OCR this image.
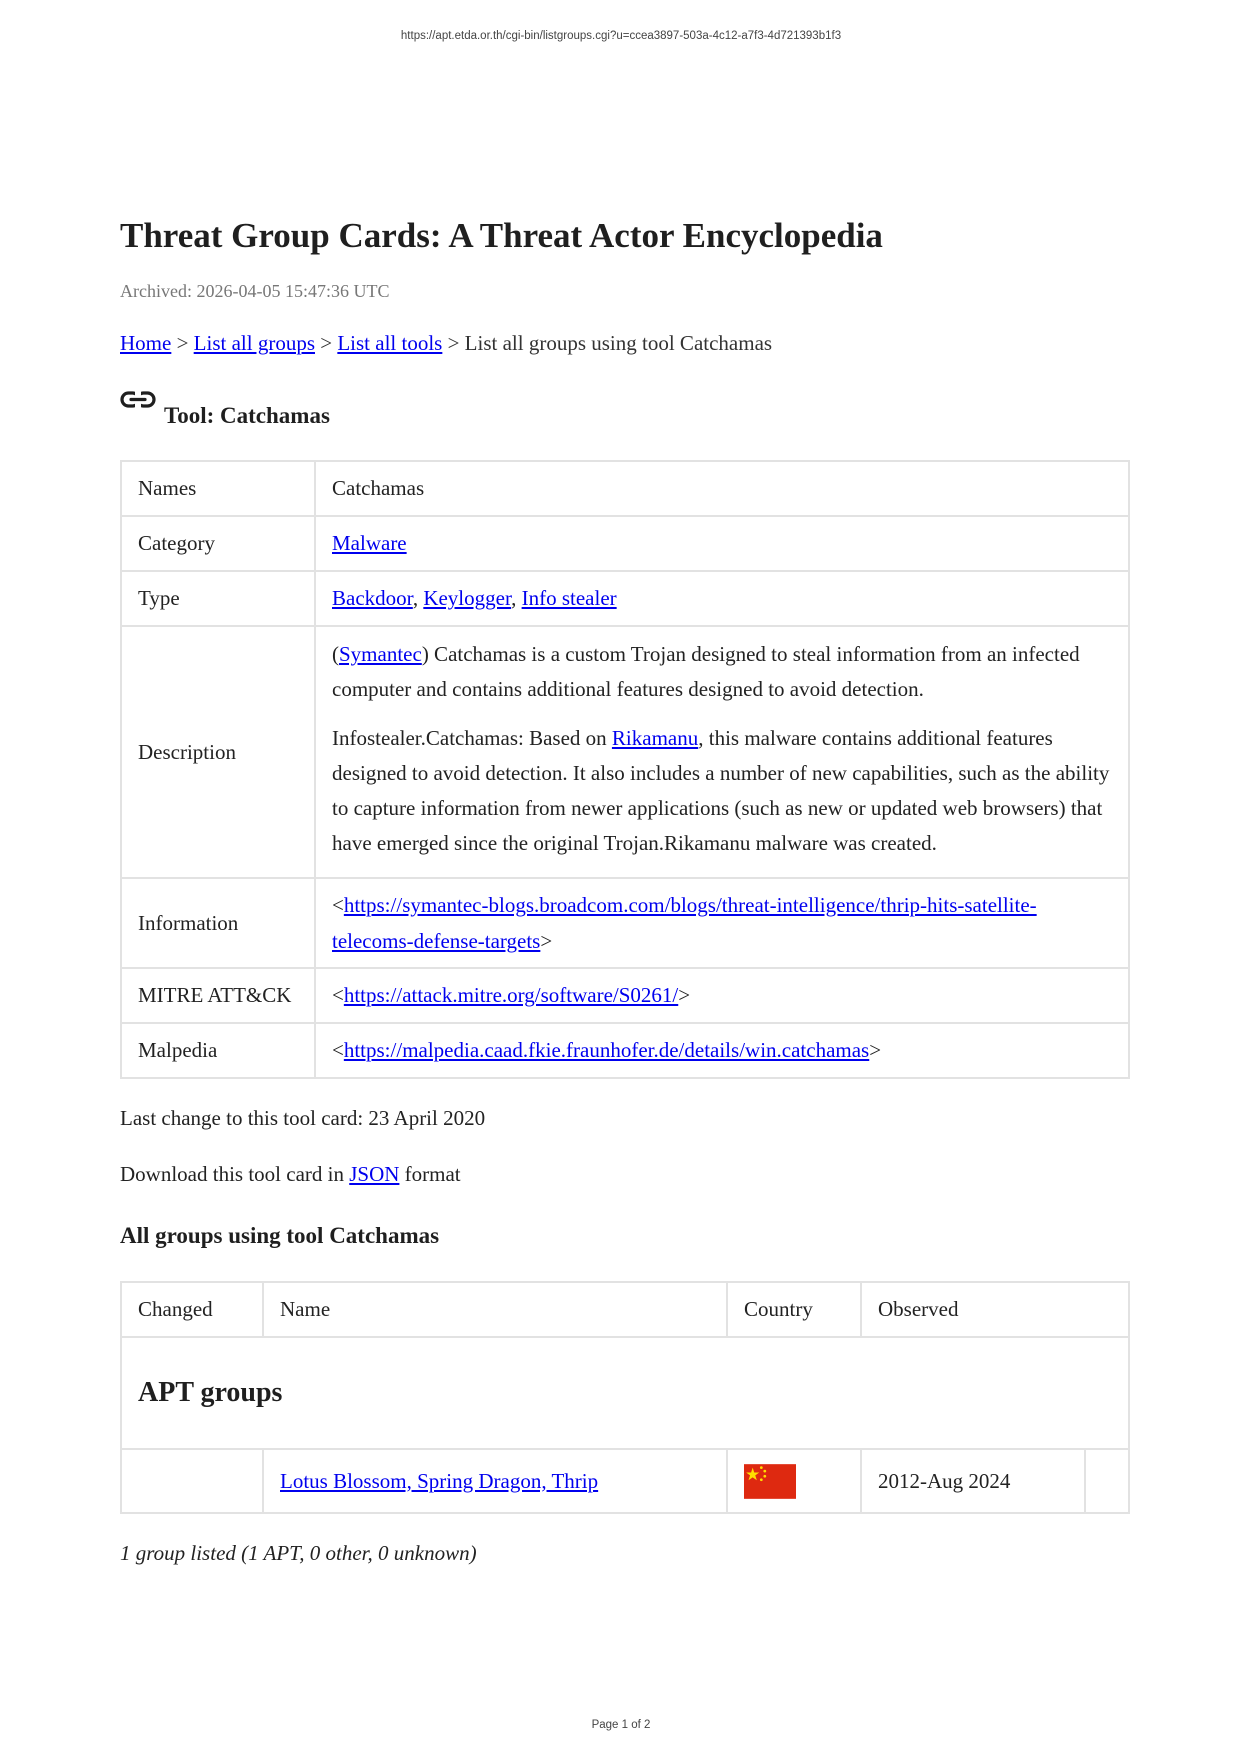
https://apt.etda.or.th/cgi-bin/listgroups.cgi?u=ccea3897-503a-4c12-a7f3-4d721393b1f3
Threat Group Cards: A Threat Actor Encyclopedia
Archived: 2026-04-05 15:47:36 UTC
Home > List all groups > List all tools > List all groups using tool Catchamas
Tool: Catchamas
Names	Catchamas
Category	Malware
Type	Backdoor, Keylogger, Info stealer
Description	(Symantec) Catchamas is a custom Trojan designed to steal information from an infected computer and contains additional features designed to avoid detection.

Infostealer.Catchamas: Based on Rikamanu, this malware contains additional features designed to avoid detection. It also includes a number of new capabilities, such as the ability to capture information from newer applications (such as new or updated web browsers) that have emerged since the original Trojan.Rikamanu malware was created.

Information	<https://symantec-blogs.broadcom.com/blogs/threat-intelligence/thrip-hits-satellite-telecoms-defense-targets>
MITRE ATT&CK	<https://attack.mitre.org/software/S0261/>
Malpedia	<https://malpedia.caad.fkie.fraunhofer.de/details/win.catchamas>
Last change to this tool card: 23 April 2020
Download this tool card in JSON format
All groups using tool Catchamas
Changed	Name	Country	Observed	
APT groups				
	Lotus Blossom, Spring Dragon, Thrip		2012-Aug 2024	
1 group listed (1 APT, 0 other, 0 unknown)
Page 1 of 2
